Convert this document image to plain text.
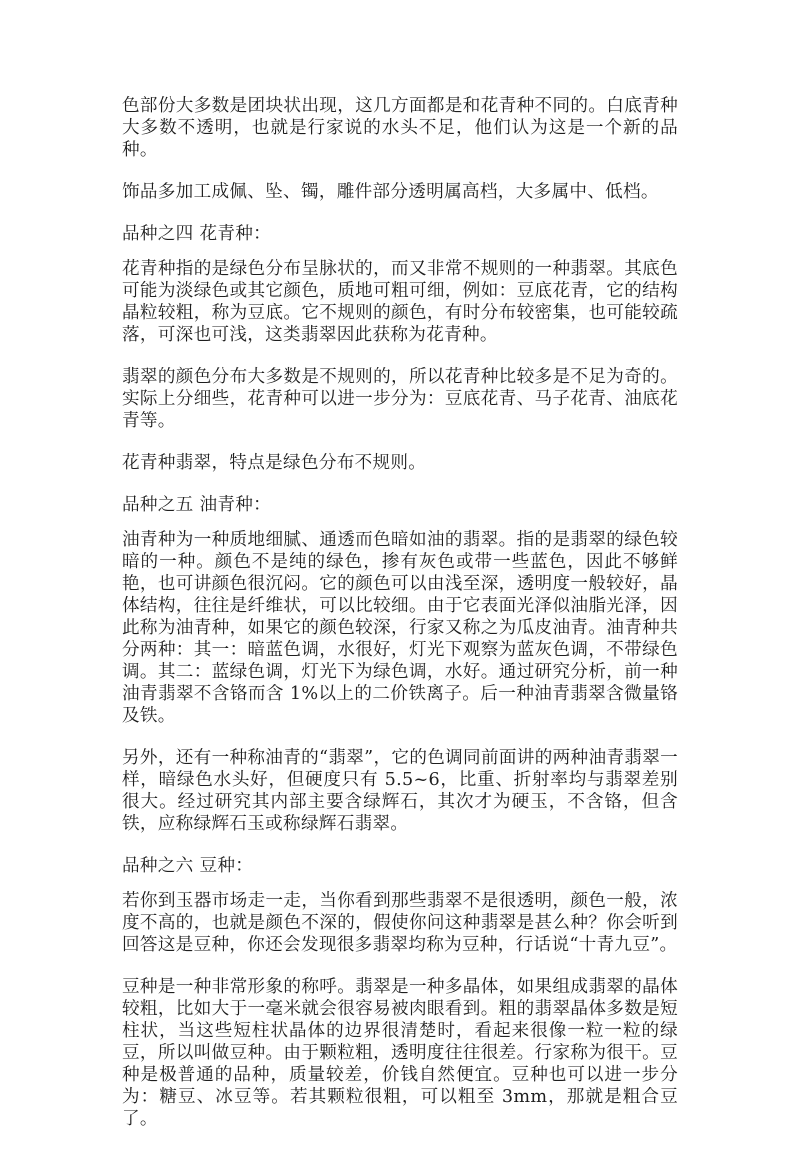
色部份大多数是团块状出现，这几方面都是和花青种不同的。白底青种大多数不透明，也就是行家说的水头不足，他们认为这是一个新的品种。

饰品多加工成佩、坠、镯，雕件部分透明属高档，大多属中、低档。

品种之四 花青种：

花青种指的是绿色分布呈脉状的，而又非常不规则的一种翡翠。其底色可能为淡绿色或其它颜色，质地可粗可细，例如：豆底花青，它的结构晶粒较粗，称为豆底。它不规则的颜色，有时分布较密集，也可能较疏落，可深也可浅，这类翡翠因此获称为花青种。

翡翠的颜色分布大多数是不规则的，所以花青种比较多是不足为奇的。实际上分细些，花青种可以进一步分为：豆底花青、马子花青、油底花青等。

花青种翡翠，特点是绿色分布不规则。

品种之五 油青种：

油青种为一种质地细腻、通透而色暗如油的翡翠。指的是翡翠的绿色较暗的一种。颜色不是纯的绿色，掺有灰色或带一些蓝色，因此不够鲜艳，也可讲颜色很沉闷。它的颜色可以由浅至深，透明度一般较好，晶体结构，往往是纤维状，可以比较细。由于它表面光泽似油脂光泽，因此称为油青种，如果它的颜色较深，行家又称之为瓜皮油青。油青种共分两种：其一：暗蓝色调，水很好，灯光下观察为蓝灰色调，不带绿色调。其二：蓝绿色调，灯光下为绿色调，水好。通过研究分析，前一种油青翡翠不含铬而含 1%以上的二价铁离子。后一种油青翡翠含微量铬及铁。

另外，还有一种称油青的“翡翠”，它的色调同前面讲的两种油青翡翠一样，暗绿色水头好，但硬度只有 5.5~6，比重、折射率均与翡翠差别很大。经过研究其内部主要含绿辉石，其次才为硬玉，不含铬，但含铁，应称绿辉石玉或称绿辉石翡翠。

品种之六 豆种：

若你到玉器市场走一走，当你看到那些翡翠不是很透明，颜色一般，浓度不高的，也就是颜色不深的，假使你问这种翡翠是甚么种？你会听到回答这是豆种，你还会发现很多翡翠均称为豆种，行话说“十青九豆”。

豆种是一种非常形象的称呼。翡翠是一种多晶体，如果组成翡翠的晶体较粗，比如大于一毫米就会很容易被肉眼看到。粗的翡翠晶体多数是短柱状，当这些短柱状晶体的边界很清楚时，看起来很像一粒一粒的绿豆，所以叫做豆种。由于颗粒粗，透明度往往很差。行家称为很干。豆种是极普通的品种，质量较差，价钱自然便宜。豆种也可以进一步分为：糖豆、冰豆等。若其颗粒很粗，可以粗至 3mm，那就是粗合豆了。
